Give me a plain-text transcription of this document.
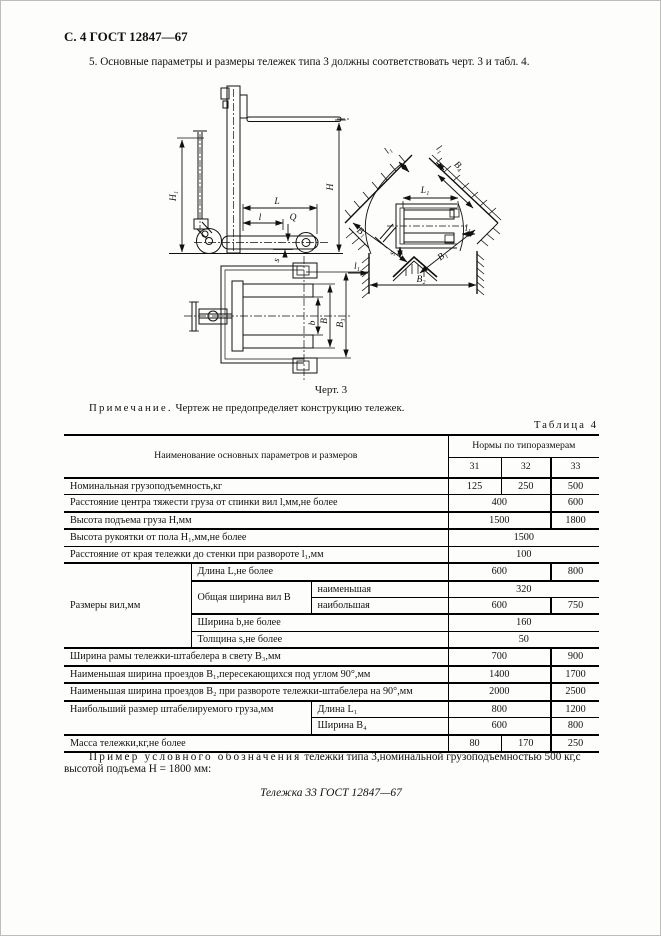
С. 4 ГОСТ 12847—67
5. Основные параметры и размеры тележек типа 3 должны соответствовать черт. 3 и табл. 4.
H₁
H
L
l	Q
s
l₁	l₁
B₄
L₁
B₁
B₁
l₁
s
B₂
l₁
b B B₃
Черт. 3
Примечание. Чертеж не предопределяет конструкцию тележек.
Таблица 4
Наименование основных параметров и размеров			Нормы по типоразмерам		
			31	32	33
Номинальная грузоподъемность,кг			125	250	500
Расстояние центра тяжести груза от спинки вил l,мм,не более			400		600
Высота подъема груза H,мм			1500		1800
Высота рукоятки от пола H₁,мм,не более			1500		
Расстояние от края тележки до стенки при развороте l₁,мм			100		
Размеры вил,мм	Длина L,не более		600		800
	Общая ширина вил B	наименьшая	320		
		наибольшая	600		750
	Ширина b,не более		160		
	Толщина s,не более		50		
Ширина рамы тележки-штабелера в свету B₃,мм			700		900
Наименьшая ширина проездов B₁,пересекающихся под углом 90°,мм			1400		1700
Наименьшая ширина проездов B₂ при развороте тележки-штабелера на 90°,мм			2000		2500
Наибольший размер штабелируемого груза,мм		Длина L₁	800		1200
		Ширина B₄	600		800
Масса тележки,кг,не более			80	170	250
Пример условного обозначения тележки типа 3,номинальной грузоподъемностью 500 кг,с высотой подъема H = 1800 мм:
Тележка 33 ГОСТ 12847—67
